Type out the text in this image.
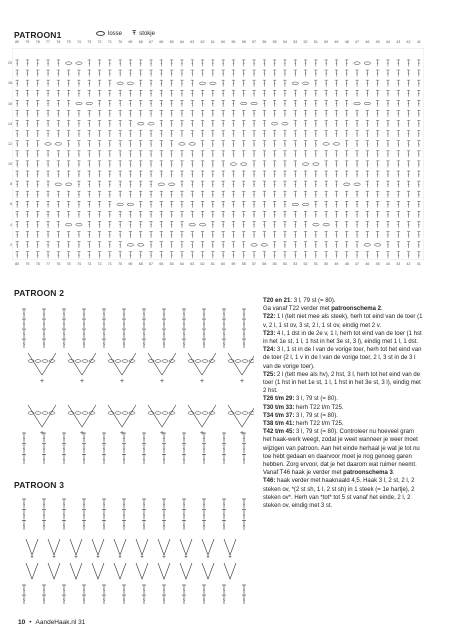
PATROON1	losse Ŧ stokje
80 79 78 77 76 75 74 73 72 71 70 69 68 67 66 65 64 63 62 61 60 59 58 57 56 55 54 53 52 51 50 49 48 47 46 45 44 43 42 41
80 79 78 77 76 75 74 73 72 71 70 69 68 67 66 65 64 63 62 61 60 59 58 57 56 55 54 53 52 51 50 49 48 47 46 45 44 43 42 41
20
18
16
14
12
10
8
6
4
2
PATROON 2
+	+	+	+	+	+
+	+	+	+	+	+
PATROON 3
+	+	+	+	+	+	+	+	+	+

T20 en 21: 3 l, 79 st (= 80).

Ga vanaf T22 verder met patroonschema 2.

T22: 1 l (telt niet mee als steek), herh tot eind van de toer (1 v, 2 l, 1 st ov, 3 st, 2 l, 1 st ov, eindig met 2 v.

T23: 4 l, 1 dst in de 2e v, 1 l, herh tot eind van de toer (1 hst in het 1e st, 1 l, 1 hst in het 3e st, 3 l), eindig met 1 l, 1 dst.

T24: 3 l, 1 st in de l van de vorige toer, herh tot het eind van de toer (2 l, 1 v in de l van de vorige toer, 2 l, 3 st in de 3 l van de vorige toer).

T25: 2 l (telt mee als hv), 2 hst, 3 l, herh tot het eind van de toer (1 hst in het 1e st, 1 l, 1 hst in het 3e st, 3 l), eindig met 2 hst.

T26 t/m 29: 3 l, 79 st (= 80).

T30 t/m 33: herh T22 t/m T25.

T34 t/m 37: 3 l, 79 st (= 80).

T38 t/m 41: herh T22 t/m T25.

T42 t/m 45: 3 l, 79 st (= 80). Controleer nu hoeveel gram het haak-werk weegt, zodat je weet wanneer je weer moet wijzigen van patroon. Aan het einde herhaal je wat je tot nu toe hebt gedaan en daarvoor moet je nog genoeg garen hebben. Zorg ervoor, dat je het daarom wat ruimer neemt. Vanaf T46 haak je verder met patroonschema 3.

T46: haak verder met haaknaald 4,5. Haak 3 l, 2 st, 2 l, 2 steken ov, *(2 st sh, 1 l, 2 st sh) in 1 steek (= 1e hartje), 2 steken ov*. Herh van *tot* tot 5 st vanaf het einde, 2 l, 2 steken ov, eindig met 3 st.

10 • AandeHaak.nl 31
